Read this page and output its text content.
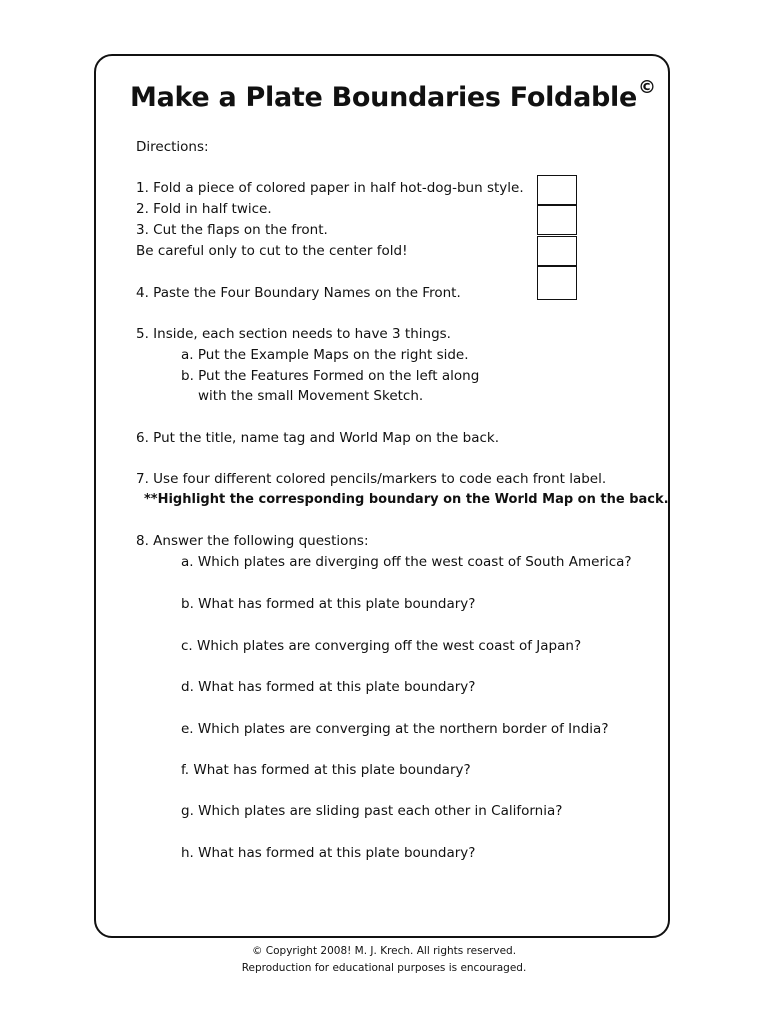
Make a Plate Boundaries Foldable©
Directions:
1. Fold a piece of colored paper in half hot-dog-bun style.
2. Fold in half twice.
3. Cut the flaps on the front.
Be careful only to cut to the center fold!
4. Paste the Four Boundary Names on the Front.
5. Inside, each section needs to have 3 things.
a. Put the Example Maps on the right side.
b. Put the Features Formed on the left along
with the small Movement Sketch.
6. Put the title, name tag and World Map on the back.
7. Use four different colored pencils/markers to code each front label.
**Highlight the corresponding boundary on the World Map on the back.
8. Answer the following questions:
a. Which plates are diverging off the west coast of South America?
b. What has formed at this plate boundary?
c. Which plates are converging off the west coast of Japan?
d. What has formed at this plate boundary?
e. Which plates are converging at the northern border of India?
f. What has formed at this plate boundary?
g. Which plates are sliding past each other in California?
h. What has formed at this plate boundary?
© Copyright 2008! M. J. Krech. All rights reserved.
Reproduction for educational purposes is encouraged.
